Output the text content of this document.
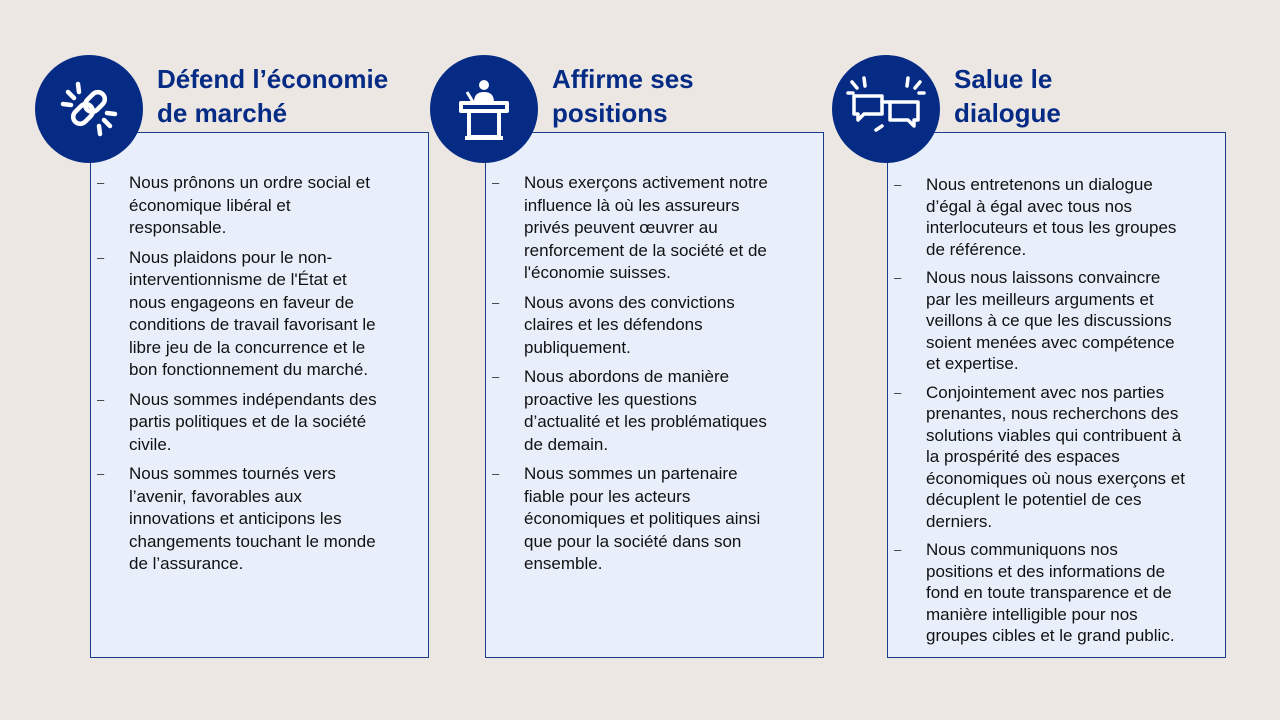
Défend l’économie
de marché
–	Nous prônons un ordre social et
économique libéral et
responsable.
–	Nous plaidons pour le non-
interventionnisme de l'État et
nous engageons en faveur de
conditions de travail favorisant le
libre jeu de la concurrence et le
bon fonctionnement du marché.
–	Nous sommes indépendants des
partis politiques et de la société
civile.
–	Nous sommes tournés vers
l’avenir, favorables aux
innovations et anticipons les
changements touchant le monde
de l’assurance.
Affirme ses
positions
–	Nous exerçons activement notre
influence là où les assureurs
privés peuvent œuvrer au
renforcement de la société et de
l'économie suisses.
–	Nous avons des convictions
claires et les défendons
publiquement.
–	Nous abordons de manière
proactive les questions
d’actualité et les problématiques
de demain.
–	Nous sommes un partenaire
fiable pour les acteurs
économiques et politiques ainsi
que pour la société dans son
ensemble.
Salue le
dialogue
–	Nous entretenons un dialogue
d’égal à égal avec tous nos
interlocuteurs et tous les groupes
de référence.
–	Nous nous laissons convaincre
par les meilleurs arguments et
veillons à ce que les discussions
soient menées avec compétence
et expertise.
–	Conjointement avec nos parties
prenantes, nous recherchons des
solutions viables qui contribuent à
la prospérité des espaces
économiques où nous exerçons et
décuplent le potentiel de ces
derniers.
–	Nous communiquons nos
positions et des informations de
fond en toute transparence et de
manière intelligible pour nos
groupes cibles et le grand public.
